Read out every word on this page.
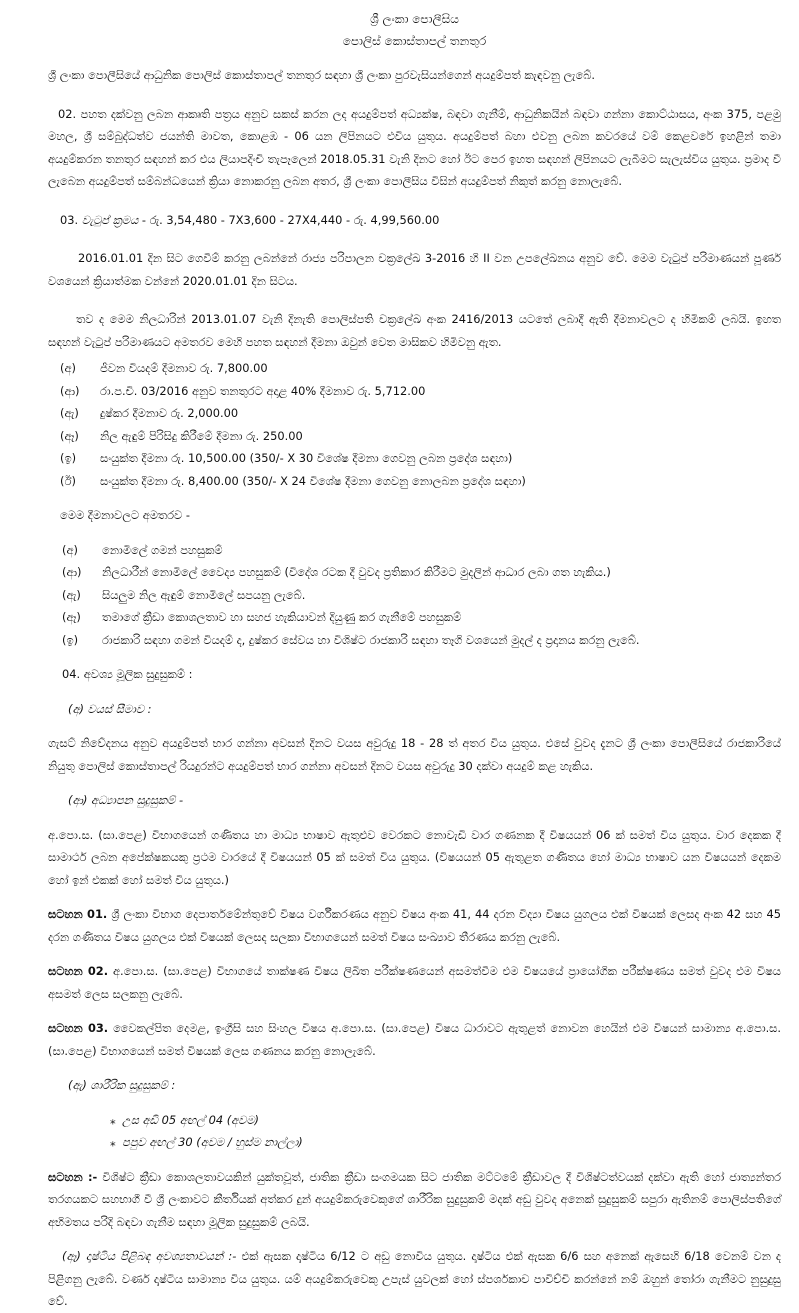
ශ්‍රී ලංකා පොලීසිය

පොලිස් කොස්තාපල් තනතුර

ශ්‍රී ලංකා පොලීසියේ ආධුනික පොලිස් කොස්තාපල් තනතුර සඳහා ශ්‍රී ලංකා පුරවැසියන්ගෙන් අයදුම්පත් කැඳවනු ලැබේ.

02. පහත දක්වනු ලබන ආකෘති පත්‍රය අනුව සකස් කරන ලද අයදුම්පත් අධ්‍යක්ෂ, බඳවා ගැනීම්, ආධුනිකයින් බඳවා ගන්නා කොට්ඨාසය, අංක 375, පළමු මහල, ශ්‍රී සම්බුද්ධත්ව ජයන්ති මාවත, කොළඹ - 06 යන ලිපිනයට එවිය යුතුය. අයදුම්පත් බහා එවනු ලබන කවරයේ වම් කෙළවරේ ඉහළින් තමා අයදුම්කරන තනතුර සඳහන් කර එය ලියාපදිංචි තැපෑලෙන් 2018.05.31 වැනි දිනට හෝ ඊට පෙර ඉහත සඳහන් ලිපිනයට ලැබීමට සැලැස්විය යුතුය. ප්‍රමාද වී ලැබෙන අයදුම්පත් සම්බන්ධයෙන් ක්‍රියා නොකරනු ලබන අතර, ශ්‍රී ලංකා පොලීසිය විසින් අයදුම්පත් නිකුත් කරනු නොලැබේ.

03. වැටුප් ක්‍රමය - රු. 3,54,480 - 7X3,600 - 27X4,440 - රු. 4,99,560.00

2016.01.01 දින සිට ගෙවීම් කරනු ලබන්නේ රාජ්‍ය පරිපාලන චක්‍රලේඛ 3-2016 හි II වන උපලේඛනය අනුව වේ. මෙම වැටුප් පරිමාණයන් පූර්ණ වශයෙන් ක්‍රියාත්මක වන්නේ 2020.01.01 දින සිටය.

තව ද මෙම නිලධාරින් 2013.01.07 වැනි දිනැති පොලිස්පති චක්‍රලේඛ අංක 2416/2013 යටතේ ලබාදී ඇති දීමනාවලට ද හිමිකම් ලබයි. ඉහත සඳහන් වැටුප් පරිමාණයට අමතරව මෙහි පහත සඳහන් දීමනා ඔවුන් වෙත මාසිකව හිමිවනු ඇත.

(අ)	ජීවන වියදම් දීමනාව රු. 7,800.00
(ආ)	රා.ප.චි. 03/2016 අනුව තනතුරට අදාළ 40% දීමනාව රු. 5,712.00
(ඇ)	දුෂ්කර දීමනාව රු. 2,000.00
(ඈ)	නිල ඇඳුම් පිරිසිදු කිරීමේ දීමනා රු. 250.00
(ඉ)	සංයුක්ත දීමනා රු. 10,500.00 (350/- X 30 විශේෂ දීමනා ගෙවනු ලබන ප්‍රදේශ සඳහා)
(ඊ)	සංයුක්ත දීමනා රු. 8,400.00 (350/- X 24 විශේෂ දීමනා ගෙවනු නොලබන ප්‍රදේශ සඳහා)

මෙම දීමනාවලට අමතරව -

(අ)	නොමිලේ ගමන් පහසුකම්
(ආ)	නිලධාරීන් නොමිලේ වෛද්‍ය පහසුකම් (විදේශ රටක දී වුවද ප්‍රතිකාර කිරීමට මුදලින් ආධාර ලබා ගත හැකිය.)
(ඇ)	සියලුම නිල ඇඳුම් නොමිලේ සපයනු ලැබේ.
(ඈ)	තමාගේ ක්‍රීඩා කොශලතාව හා සහජ හැකියාවන් දියුණු කර ගැනීමේ පහසුකම්
(ඉ)	රාජකාරි සඳහා ගමන් වියදම් ද, දුෂ්කර සේවය හා විශිෂ්ට රාජකාරි සඳහා තෑගි වශයෙන් මුදල් ද ප්‍රදානය කරනු ලැබේ.

04. අවශ්‍ය මූලික සුදුසුකම් :

(අ) වයස් සීමාව :

ගැසට් නිවේදනය අනුව අයදුම්පත් භාර ගන්නා අවසන් දිනට වයස අවුරුදු 18 - 28 ත් අතර විය යුතුය. එසේ වුවද දැනට ශ්‍රී ලංකා පොලීසියේ රාජකාරියේ නියුතු පොලිස් කොස්තාපල් රියදුරන්ට අයදුම්පත් භාර ගන්නා අවසන් දිනට වයස අවුරුදු 30 දක්වා අයදුම් කළ හැකිය.

(ආ) අධ්‍යාපන සුදුසුකම් -

අ.පො.ස. (සා.පෙළ) විභාගයෙන් ගණිතය හා මාධ්‍ය භාෂාව ඇතුළුව වෙරකට නොවැඩි වාර ගණනක දී විෂයයන් 06 ක් සමත් විය යුතුය. වාර දෙකක දී සාමාර්ථ ලබන අපේක්ෂකයකු ප්‍රථම වාරයේ දී විෂයයන් 05 ක් සමත් විය යුතුය. (විෂයයන් 05 ඇතුළත ගණිතය හෝ මාධ්‍ය භාෂාව යන විෂයයන් දෙකම හෝ ඉන් එකක් හෝ සමත් විය යුතුය.)

සටහන 01. ශ්‍රී ලංකා විභාග දෙපාර්තමේන්තුවේ විෂය වර්ගීකරණය අනුව විෂය අංක 41, 44 දරන විද්‍යා විෂය යුගලය එක් විෂයක් ලෙසද අංක 42 සහ 45 දරන ගණිතය විෂය යුගලය එක් විෂයක් ලෙසද සලකා විභාගයෙන් සමත් විෂය සංඛ්‍යාව තීරණය කරනු ලැබේ.

සටහන 02. අ.පො.ස. (සා.පෙළ) විභාගයේ තාක්ෂණ විෂය ලිඛිත පරීක්ෂණයෙන් අසමත්වීම එම විෂයයේ ප්‍රායෝගික පරීක්ෂණය සමත් වුවද එම විෂය අසමත් ලෙස සලකනු ලැබේ.

සටහන 03. වෛකල්පිත දෙමළ, ඉංග්‍රීසි සහ සිංහල විෂය අ.පො.ස. (සා.පෙළ) විෂය ධාරාවට ඇතුළත් නොවන හෙයින් එම විෂයන් සාමාන්‍ය අ.පො.ස. (සා.පෙළ) විභාගයෙන් සමත් විෂයක් ලෙස ගණනය කරනු නොලැබේ.

(ඇ) ශාරීරික සුදුසුකම් :

⁎ උස අඩි 05 අඟල් 04 (අවම)
⁎ පපුව අඟල් 30 (අවම / හුස්ම නාල්ලා)

සටහන :- විශිෂ්ට ක්‍රීඩා කොශලතාවයකින් යුක්තවූත්, ජාතික ක්‍රීඩා සංගමයක සිට ජාතික මට්ටමේ ක්‍රීඩාවල දී විශිෂ්ටත්වයක් දක්වා ඇති හෝ ජාත්‍යන්තර තරගයකට සහභාගී වී ශ්‍රී ලංකාවට කීර්තියක් අත්කර දුන් අයදුම්කරුවෙකුගේ ශාරීරික සුදුසුකම් මදක් අඩු වුවද අනෙක් සුදුසුකම් සපුරා ඇතිනම් පොලිස්පතිගේ අභිමතය පරිදි බඳවා ගැනීම සඳහා මූලික සුදුසුකම් ලබයි.

(ඈ) දෘෂ්ටිය පිළිබඳ අවශ්‍යතාවයන් :- එක් ඇසක දෘෂ්ටිය 6/12 ට අඩු නොවිය යුතුය. දෘෂ්ටිය එක් ඇසක 6/6 සහ අනෙක් ඇසෙහි 6/18 වෙනම් වන ද පිළිගනු ලැබේ. වර්ණ දෘෂ්ටිය සාමාන්‍ය විය යුතුය. යම් අයදුම්කරුවෙකු උපැස් යුවලක් හෝ ස්පර්ශකාච පාවිච්චි කරන්නේ නම් ඔහුන් තෝරා ගැනීමට නුසුදුසු වේ.
